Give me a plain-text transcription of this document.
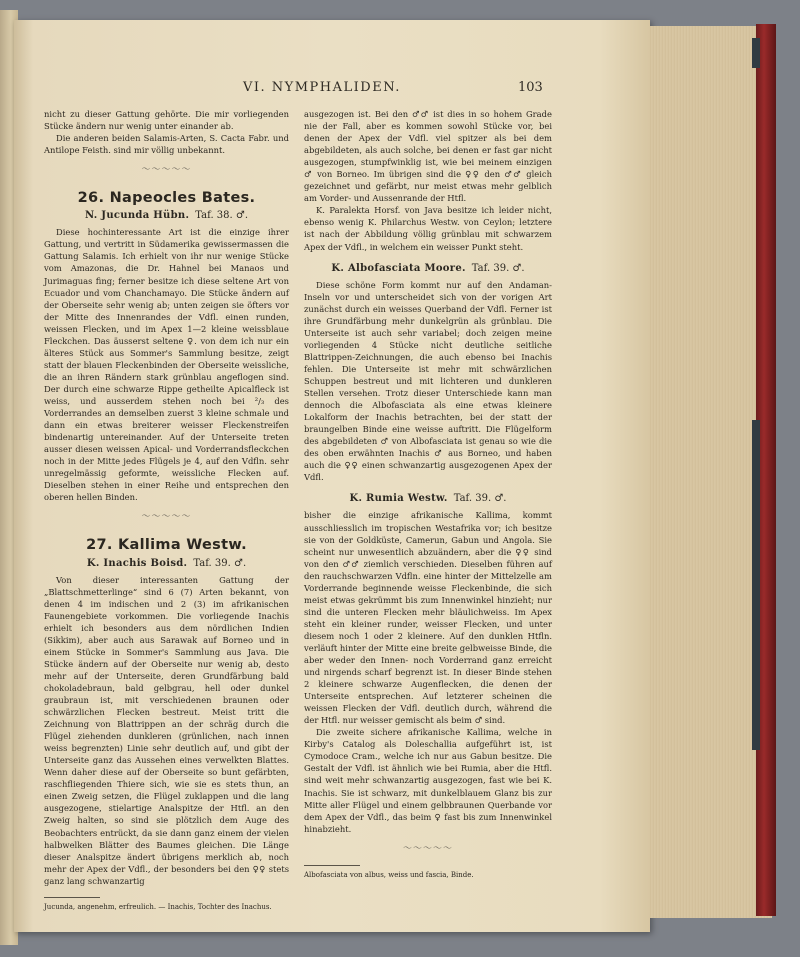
VI. NYMPHALIDEN.	103

nicht zu dieser Gattung gehörte. Die mir vorliegenden Stücke ändern nur wenig unter einander ab.

Die anderen beiden Salamis-Arten, S. Cacta Fabr. und Antilope Feisth. sind mir völlig unbekannt.

〜〜〜〜〜
26. Napeocles Bates.
N. Jucunda Hübn. Taf. 38. ♂.

Diese hochinteressante Art ist die einzige ihrer Gattung, und vertritt in Südamerika gewissermassen die Gattung Salamis. Ich erhielt von ihr nur wenige Stücke vom Amazonas, die Dr. Hahnel bei Manaos und Jurimaguas fing; ferner besitze ich diese seltene Art von Ecuador und vom Chanchamayo. Die Stücke ändern auf der Oberseite sehr wenig ab; unten zeigen sie öfters vor der Mitte des Innenrandes der Vdfl. einen runden, weissen Flecken, und im Apex 1—2 kleine weissblaue Fleckchen. Das äusserst seltene ♀. von dem ich nur ein älteres Stück aus Sommer's Sammlung besitze, zeigt statt der blauen Fleckenbinden der Oberseite weissliche, die an ihren Rändern stark grünblau angeflogen sind. Der durch eine schwarze Rippe getheilte Apicalfleck ist weiss, und ausserdem stehen noch bei ²/₃ des Vorderrandes an demselben zuerst 3 kleine schmale und dann ein etwas breiterer weisser Fleckenstreifen bindenartig untereinander. Auf der Unterseite treten ausser diesen weissen Apical- und Vorderrandsfleckchen noch in der Mitte jedes Flügels je 4, auf den Vdfln. sehr unregelmässig geformte, weissliche Flecken auf. Dieselben stehen in einer Reihe und entsprechen den oberen hellen Binden.

〜〜〜〜〜
27. Kallima Westw.
K. Inachis Boisd. Taf. 39. ♂.

Von dieser interessanten Gattung der „Blattschmetterlinge“ sind 6 (7) Arten bekannt, von denen 4 im indischen und 2 (3) im afrikanischen Faunengebiete vorkommen. Die vorliegende Inachis erhielt ich besonders aus dem nördlichen Indien (Sikkim), aber auch aus Sarawak auf Borneo und in einem Stücke in Sommer's Sammlung aus Java. Die Stücke ändern auf der Oberseite nur wenig ab, desto mehr auf der Unterseite, deren Grundfärbung bald chokoladebraun, bald gelbgrau, hell oder dunkel graubraun ist, mit verschiedenen braunen oder schwärzlichen Flecken bestreut. Meist tritt die Zeichnung von Blattrippen an der schräg durch die Flügel ziehenden dunkleren (grünlichen, nach innen weiss begrenzten) Linie sehr deutlich auf, und gibt der Unterseite ganz das Aussehen eines verwelkten Blattes. Wenn daher diese auf der Oberseite so bunt gefärbten, raschfliegenden Thiere sich, wie sie es stets thun, an einen Zweig setzen, die Flügel zuklappen und die lang ausgezogene, stielartige Analspitze der Htfl. an den Zweig halten, so sind sie plötzlich dem Auge des Beobachters entrückt, da sie dann ganz einem der vielen halbwelken Blätter des Baumes gleichen. Die Länge dieser Analspitze ändert übrigens merklich ab, noch mehr der Apex der Vdfl., der besonders bei den ♀♀ stets ganz lang schwanzartig

Jucunda, angenehm, erfreulich. — Inachis, Tochter des Inachus.

ausgezogen ist. Bei den ♂♂ ist dies in so hohem Grade nie der Fall, aber es kommen sowohl Stücke vor, bei denen der Apex der Vdfl. viel spitzer als bei dem abgebildeten, als auch solche, bei denen er fast gar nicht ausgezogen, stumpfwinklig ist, wie bei meinem einzigen ♂ von Borneo. Im übrigen sind die ♀♀ den ♂♂ gleich gezeichnet und gefärbt, nur meist etwas mehr gelblich am Vorder- und Aussenrande der Htfl.

K. Paralekta Horsf. von Java besitze ich leider nicht, ebenso wenig K. Philarchus Westw. von Ceylon; letztere ist nach der Abbildung völlig grünblau mit schwarzem Apex der Vdfl., in welchem ein weisser Punkt steht.

K. Albofasciata Moore. Taf. 39. ♂.

Diese schöne Form kommt nur auf den Andaman-Inseln vor und unterscheidet sich von der vorigen Art zunächst durch ein weisses Querband der Vdfl. Ferner ist ihre Grundfärbung mehr dunkelgrün als grünblau. Die Unterseite ist auch sehr variabel; doch zeigen meine vorliegenden 4 Stücke nicht deutliche seitliche Blattrippen-Zeichnungen, die auch ebenso bei Inachis fehlen. Die Unterseite ist mehr mit schwärzlichen Schuppen bestreut und mit lichteren und dunkleren Stellen versehen. Trotz dieser Unterschiede kann man dennoch die Albofasciata als eine etwas kleinere Lokalform der Inachis betrachten, bei der statt der braungelben Binde eine weisse auftritt. Die Flügelform des abgebildeten ♂ von Albofasciata ist genau so wie die des oben erwähnten Inachis ♂ aus Borneo, und haben auch die ♀♀ einen schwanzartig ausgezogenen Apex der Vdfl.

K. Rumia Westw. Taf. 39. ♂.

bisher die einzige afrikanische Kallima, kommt ausschliesslich im tropischen Westafrika vor; ich besitze sie von der Goldküste, Camerun, Gabun und Angola. Sie scheint nur unwesentlich abzuändern, aber die ♀♀ sind von den ♂♂ ziemlich verschieden. Dieselben führen auf den rauchschwarzen Vdfln. eine hinter der Mittelzelle am Vorderrande beginnende weisse Fleckenbinde, die sich meist etwas gekrümmt bis zum Innenwinkel hinzieht; nur sind die unteren Flecken mehr bläulichweiss. Im Apex steht ein kleiner runder, weisser Flecken, und unter diesem noch 1 oder 2 kleinere. Auf den dunklen Htfln. verläuft hinter der Mitte eine breite gelbweisse Binde, die aber weder den Innen- noch Vorderrand ganz erreicht und nirgends scharf begrenzt ist. In dieser Binde stehen 2 kleinere schwarze Augenflecken, die denen der Unterseite entsprechen. Auf letzterer scheinen die weissen Flecken der Vdfl. deutlich durch, während die der Htfl. nur weisser gemischt als beim ♂ sind.

Die zweite sichere afrikanische Kallima, welche in Kirby's Catalog als Doleschallia aufgeführt ist, ist Cymodoce Cram., welche ich nur aus Gabun besitze. Die Gestalt der Vdfl. ist ähnlich wie bei Rumia, aber die Htfl. sind weit mehr schwanzartig ausgezogen, fast wie bei K. Inachis. Sie ist schwarz, mit dunkelblauem Glanz bis zur Mitte aller Flügel und einem gelbbraunen Querbande vor dem Apex der Vdfl., das beim ♀ fast bis zum Innenwinkel hinabzieht.

〜〜〜〜〜
Albofasciata von albus, weiss und fascia, Binde.
